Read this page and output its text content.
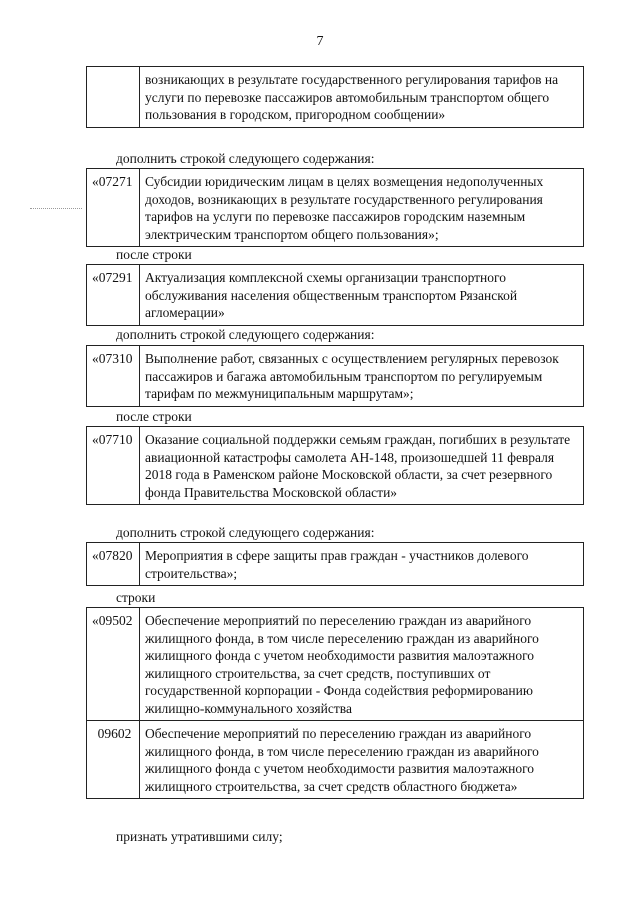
7
	возникающих в результате государственного регулирования тарифов на услуги по перевозке пассажиров автомобильным транспортом общего пользования в городском, пригородном сообщении»

дополнить строкой следующего содержания:

«07271	Субсидии юридическим лицам в целях возмещения недополученных доходов, возникающих в результате государственного регулирования тарифов на услуги по перевозке пассажиров городским наземным электрическим транспортом общего пользования»;

после строки

«07291	Актуализация комплексной схемы организации транспортного обслуживания населения общественным транспортом Рязанской агломерации»

дополнить строкой следующего содержания:

«07310	Выполнение работ, связанных с осуществлением регулярных перевозок пассажиров и багажа автомобильным транспортом по регулируемым тарифам по межмуниципальным маршрутам»;

после строки

«07710	Оказание социальной поддержки семьям граждан, погибших в результате авиационной катастрофы самолета АН-148, произошедшей 11 февраля 2018 года в Раменском районе Московской области, за счет резервного фонда Правительства Московской области»

дополнить строкой следующего содержания:

«07820	Мероприятия в сфере защиты прав граждан - участников долевого строительства»;

строки

«09502	Обеспечение мероприятий по переселению граждан из аварийного жилищного фонда, в том числе переселению граждан из аварийного жилищного фонда с учетом необходимости развития малоэтажного жилищного строительства, за счет средств, поступивших от государственной корпорации - Фонда содействия реформированию жилищно-коммунального хозяйства
09602	Обеспечение мероприятий по переселению граждан из аварийного жилищного фонда, в том числе переселению граждан из аварийного жилищного фонда с учетом необходимости развития малоэтажного жилищного строительства, за счет средств областного бюджета»

признать утратившими силу;
